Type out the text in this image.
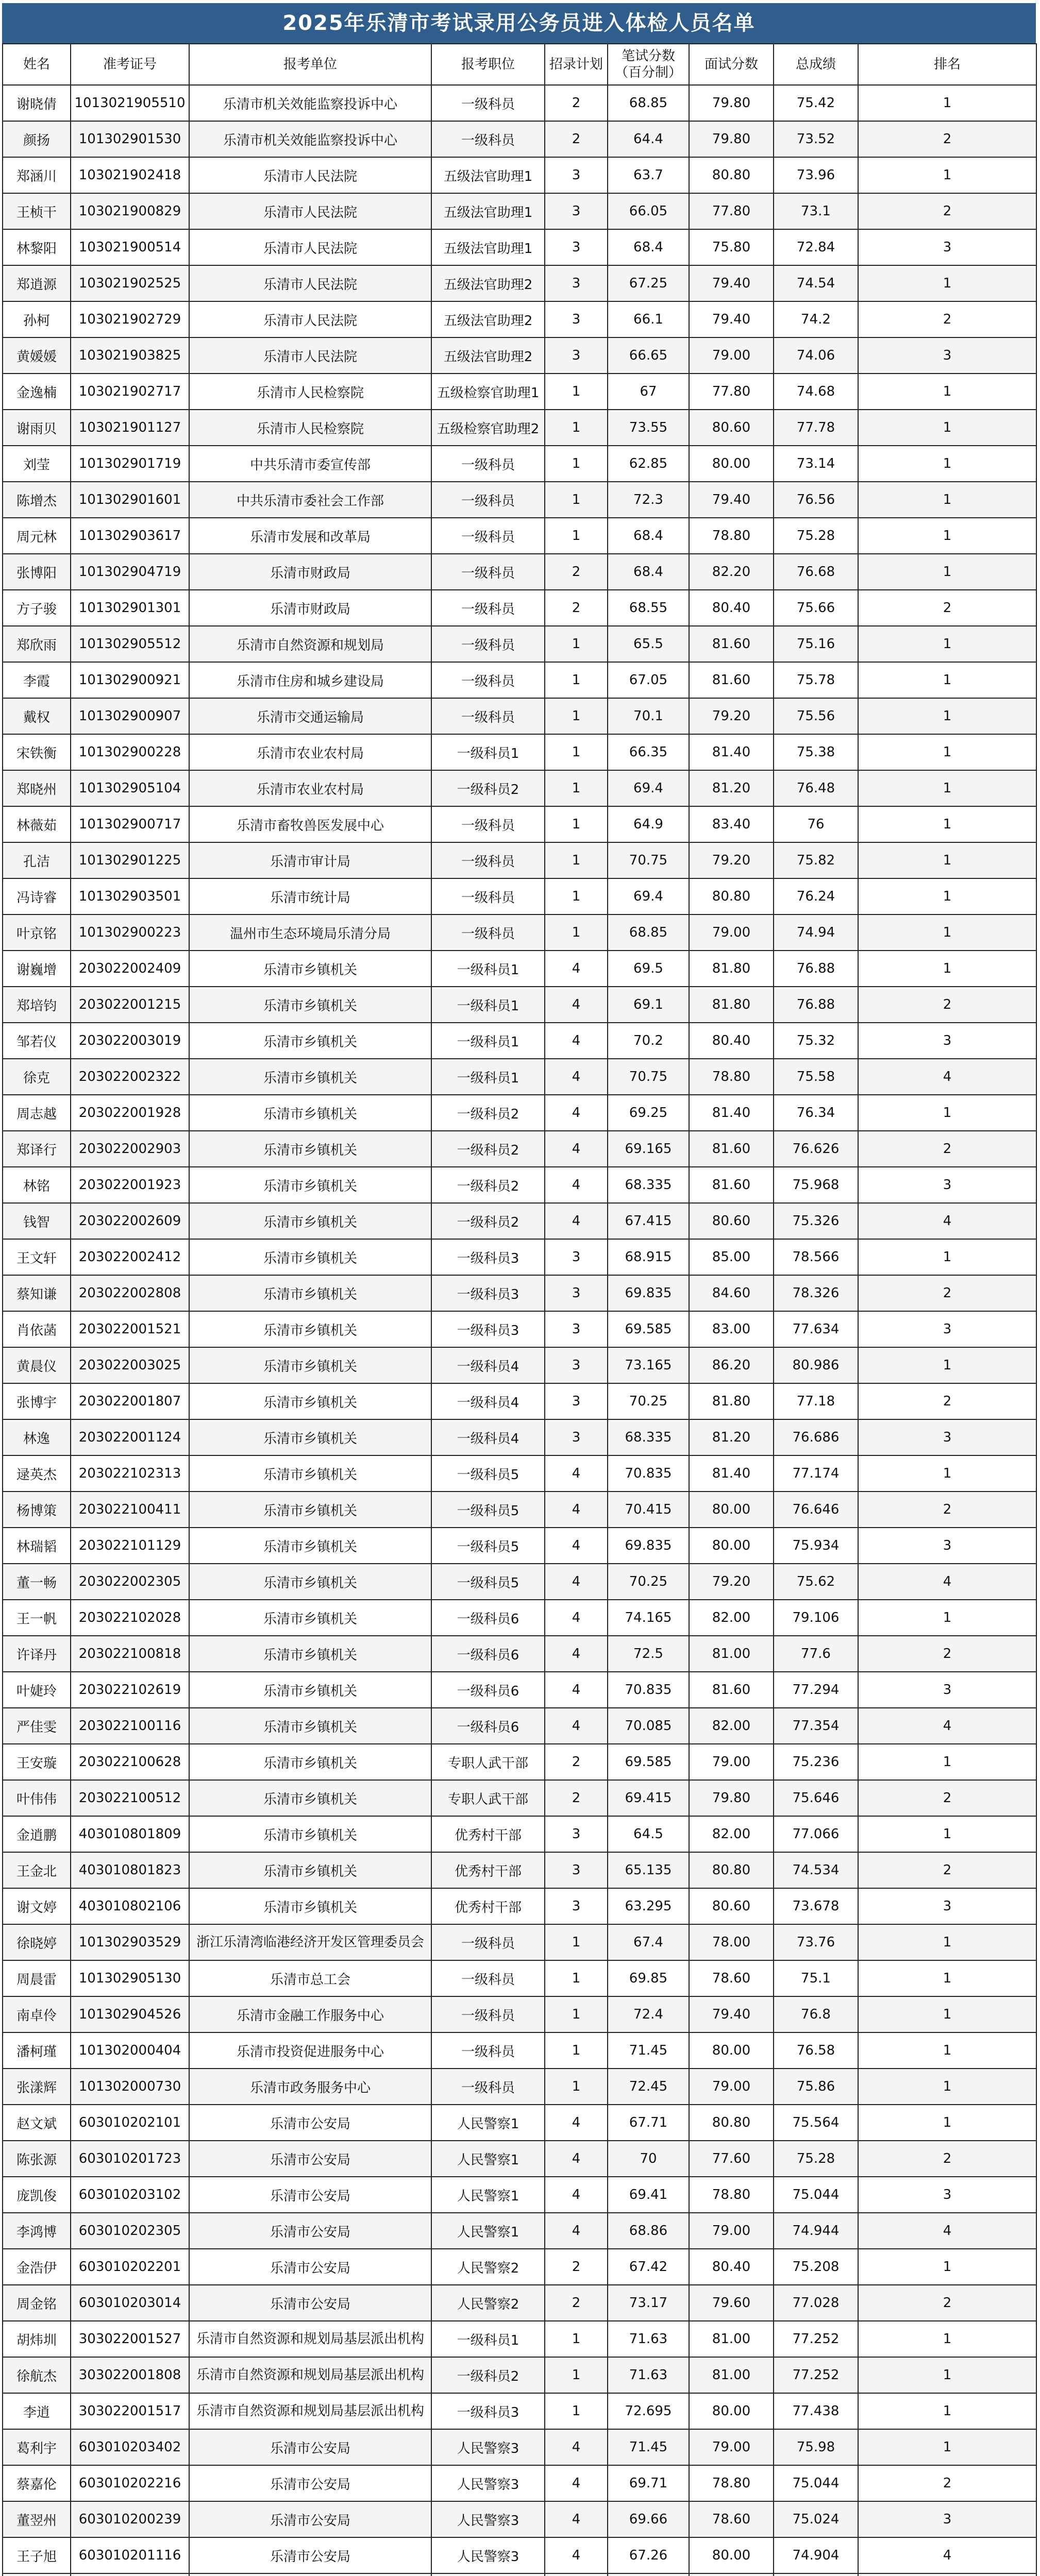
2025年乐清市考试录用公务员进入体检人员名单
姓名	准考证号	报考单位	报考职位	招录计划	笔试分数（百分制）	面试分数	总成绩	排名
谢晓倩	10130219055​10	乐清市机关效能监察投诉中心	一级科员	2	68.85	79.80	75.42	1
颜扬	101302901530	乐清市机关效能监察投诉中心	一级科员	2	64.4	79.80	73.52	2
郑涵川	103021902418	乐清市人民法院	五级法官助理1	3	63.7	80.80	73.96	1
王桢干	103021900829	乐清市人民法院	五级法官助理1	3	66.05	77.80	73.1	2
林黎阳	103021900514	乐清市人民法院	五级法官助理1	3	68.4	75.80	72.84	3
郑逍源	103021902525	乐清市人民法院	五级法官助理2	3	67.25	79.40	74.54	1
孙柯	103021902729	乐清市人民法院	五级法官助理2	3	66.1	79.40	74.2	2
黄媛媛	103021903825	乐清市人民法院	五级法官助理2	3	66.65	79.00	74.06	3
金逸楠	103021902717	乐清市人民检察院	五级检察官助理1	1	67	77.80	74.68	1
谢雨贝	103021901127	乐清市人民检察院	五级检察官助理2	1	73.55	80.60	77.78	1
刘莹	101302901719	中共乐清市委宣传部	一级科员	1	62.85	80.00	73.14	1
陈增杰	101302901601	中共乐清市委社会工作部	一级科员	1	72.3	79.40	76.56	1
周元林	101302903617	乐清市发展和改革局	一级科员	1	68.4	78.80	75.28	1
张博阳	101302904719	乐清市财政局	一级科员	2	68.4	82.20	76.68	1
方子骏	101302901301	乐清市财政局	一级科员	2	68.55	80.40	75.66	2
郑欣雨	101302905512	乐清市自然资源和规划局	一级科员	1	65.5	81.60	75.16	1
李霞	101302900921	乐清市住房和城乡建设局	一级科员	1	67.05	81.60	75.78	1
戴权	101302900907	乐清市交通运输局	一级科员	1	70.1	79.20	75.56	1
宋铁衡	101302900228	乐清市农业农村局	一级科员1	1	66.35	81.40	75.38	1
郑晓州	101302905104	乐清市农业农村局	一级科员2	1	69.4	81.20	76.48	1
林薇茹	101302900717	乐清市畜牧兽医发展中心	一级科员	1	64.9	83.40	76	1
孔洁	101302901225	乐清市审计局	一级科员	1	70.75	79.20	75.82	1
冯诗睿	101302903501	乐清市统计局	一级科员	1	69.4	80.80	76.24	1
叶京铭	101302900223	温州市生态环境局乐清分局	一级科员	1	68.85	79.00	74.94	1
谢巍增	203022002409	乐清市乡镇机关	一级科员1	4	69.5	81.80	76.88	1
郑培钧	203022001215	乐清市乡镇机关	一级科员1	4	69.1	81.80	76.88	2
邹若仪	203022003019	乐清市乡镇机关	一级科员1	4	70.2	80.40	75.32	3
徐克	203022002322	乐清市乡镇机关	一级科员1	4	70.75	78.80	75.58	4
周志越	203022001928	乐清市乡镇机关	一级科员2	4	69.25	81.40	76.34	1
郑译行	203022002903	乐清市乡镇机关	一级科员2	4	69.165	81.60	76.626	2
林铭	203022001923	乐清市乡镇机关	一级科员2	4	68.335	81.60	75.968	3
钱智	203022002609	乐清市乡镇机关	一级科员2	4	67.415	80.60	75.326	4
王文轩	203022002412	乐清市乡镇机关	一级科员3	3	68.915	85.00	78.566	1
蔡知谦	203022002808	乐清市乡镇机关	一级科员3	3	69.835	84.60	78.326	2
肖依菡	203022001521	乐清市乡镇机关	一级科员3	3	69.585	83.00	77.634	3
黄晨仪	203022003025	乐清市乡镇机关	一级科员4	3	73.165	86.20	80.986	1
张博宇	203022001807	乐清市乡镇机关	一级科员4	3	70.25	81.80	77.18	2
林逸	203022001124	乐清市乡镇机关	一级科员4	3	68.335	81.20	76.686	3
逯英杰	203022102313	乐清市乡镇机关	一级科员5	4	70.835	81.40	77.174	1
杨博策	203022100411	乐清市乡镇机关	一级科员5	4	70.415	80.00	76.646	2
林瑞韬	203022101129	乐清市乡镇机关	一级科员5	4	69.835	80.00	75.934	3
董一畅	203022002305	乐清市乡镇机关	一级科员5	4	70.25	79.20	75.62	4
王一帆	203022102028	乐清市乡镇机关	一级科员6	4	74.165	82.00	79.106	1
许译丹	203022100818	乐清市乡镇机关	一级科员6	4	72.5	81.00	77.6	2
叶婕玲	203022102619	乐清市乡镇机关	一级科员6	4	70.835	81.60	77.294	3
严佳雯	203022100116	乐清市乡镇机关	一级科员6	4	70.085	82.00	77.354	4
王安璇	203022100628	乐清市乡镇机关	专职人武干部	2	69.585	79.00	75.236	1
叶伟伟	203022100512	乐清市乡镇机关	专职人武干部	2	69.415	79.80	75.646	2
金逍鹏	403010801809	乐清市乡镇机关	优秀村干部	3	64.5	82.00	77.066	1
王金北	403010801823	乐清市乡镇机关	优秀村干部	3	65.135	80.80	74.534	2
谢文婷	403010802106	乐清市乡镇机关	优秀村干部	3	63.295	80.60	73.678	3
徐晓婷	101302903529	浙江乐清湾临港经济开发区管理委员会	一级科员	1	67.4	78.00	73.76	1
周晨雷	101302905130	乐清市总工会	一级科员	1	69.85	78.60	75.1	1
南卓伶	101302904526	乐清市金融工作服务中心	一级科员	1	72.4	79.40	76.8	1
潘柯瑾	101302000404	乐清市投资促进服务中心	一级科员	1	71.45	80.00	76.58	1
张漾辉	101302000730	乐清市政务服务中心	一级科员	1	72.45	79.00	75.86	1
赵文斌	603010202101	乐清市公安局	人民警察1	4	67.71	80.80	75.564	1
陈张源	603010201723	乐清市公安局	人民警察1	4	70	77.60	75.28	2
庞凯俊	603010203102	乐清市公安局	人民警察1	4	69.41	78.80	75.044	3
李鸿博	603010202305	乐清市公安局	人民警察1	4	68.86	79.00	74.944	4
金浩伊	603010202201	乐清市公安局	人民警察2	2	67.42	80.40	75.208	1
周金铭	603010203014	乐清市公安局	人民警察2	2	73.17	79.60	77.028	2
胡炜圳	303022001527	乐清市自然资源和规划局基层派出机构	一级科员1	1	71.63	81.00	77.252	1
徐航杰	303022001808	乐清市自然资源和规划局基层派出机构	一级科员2	1	71.63	81.00	77.252	1
李逍	303022001517	乐清市自然资源和规划局基层派出机构	一级科员3	1	72.695	80.00	77.438	1
葛利宇	603010203402	乐清市公安局	人民警察3	4	71.45	79.00	75.98	1
蔡嘉伦	603010202216	乐清市公安局	人民警察3	4	69.71	78.80	75.044	2
董翌州	603010200239	乐清市公安局	人民警察3	4	69.66	78.60	75.024	3
王子旭	603010201116	乐清市公安局	人民警察3	4	67.26	80.00	74.904	4
